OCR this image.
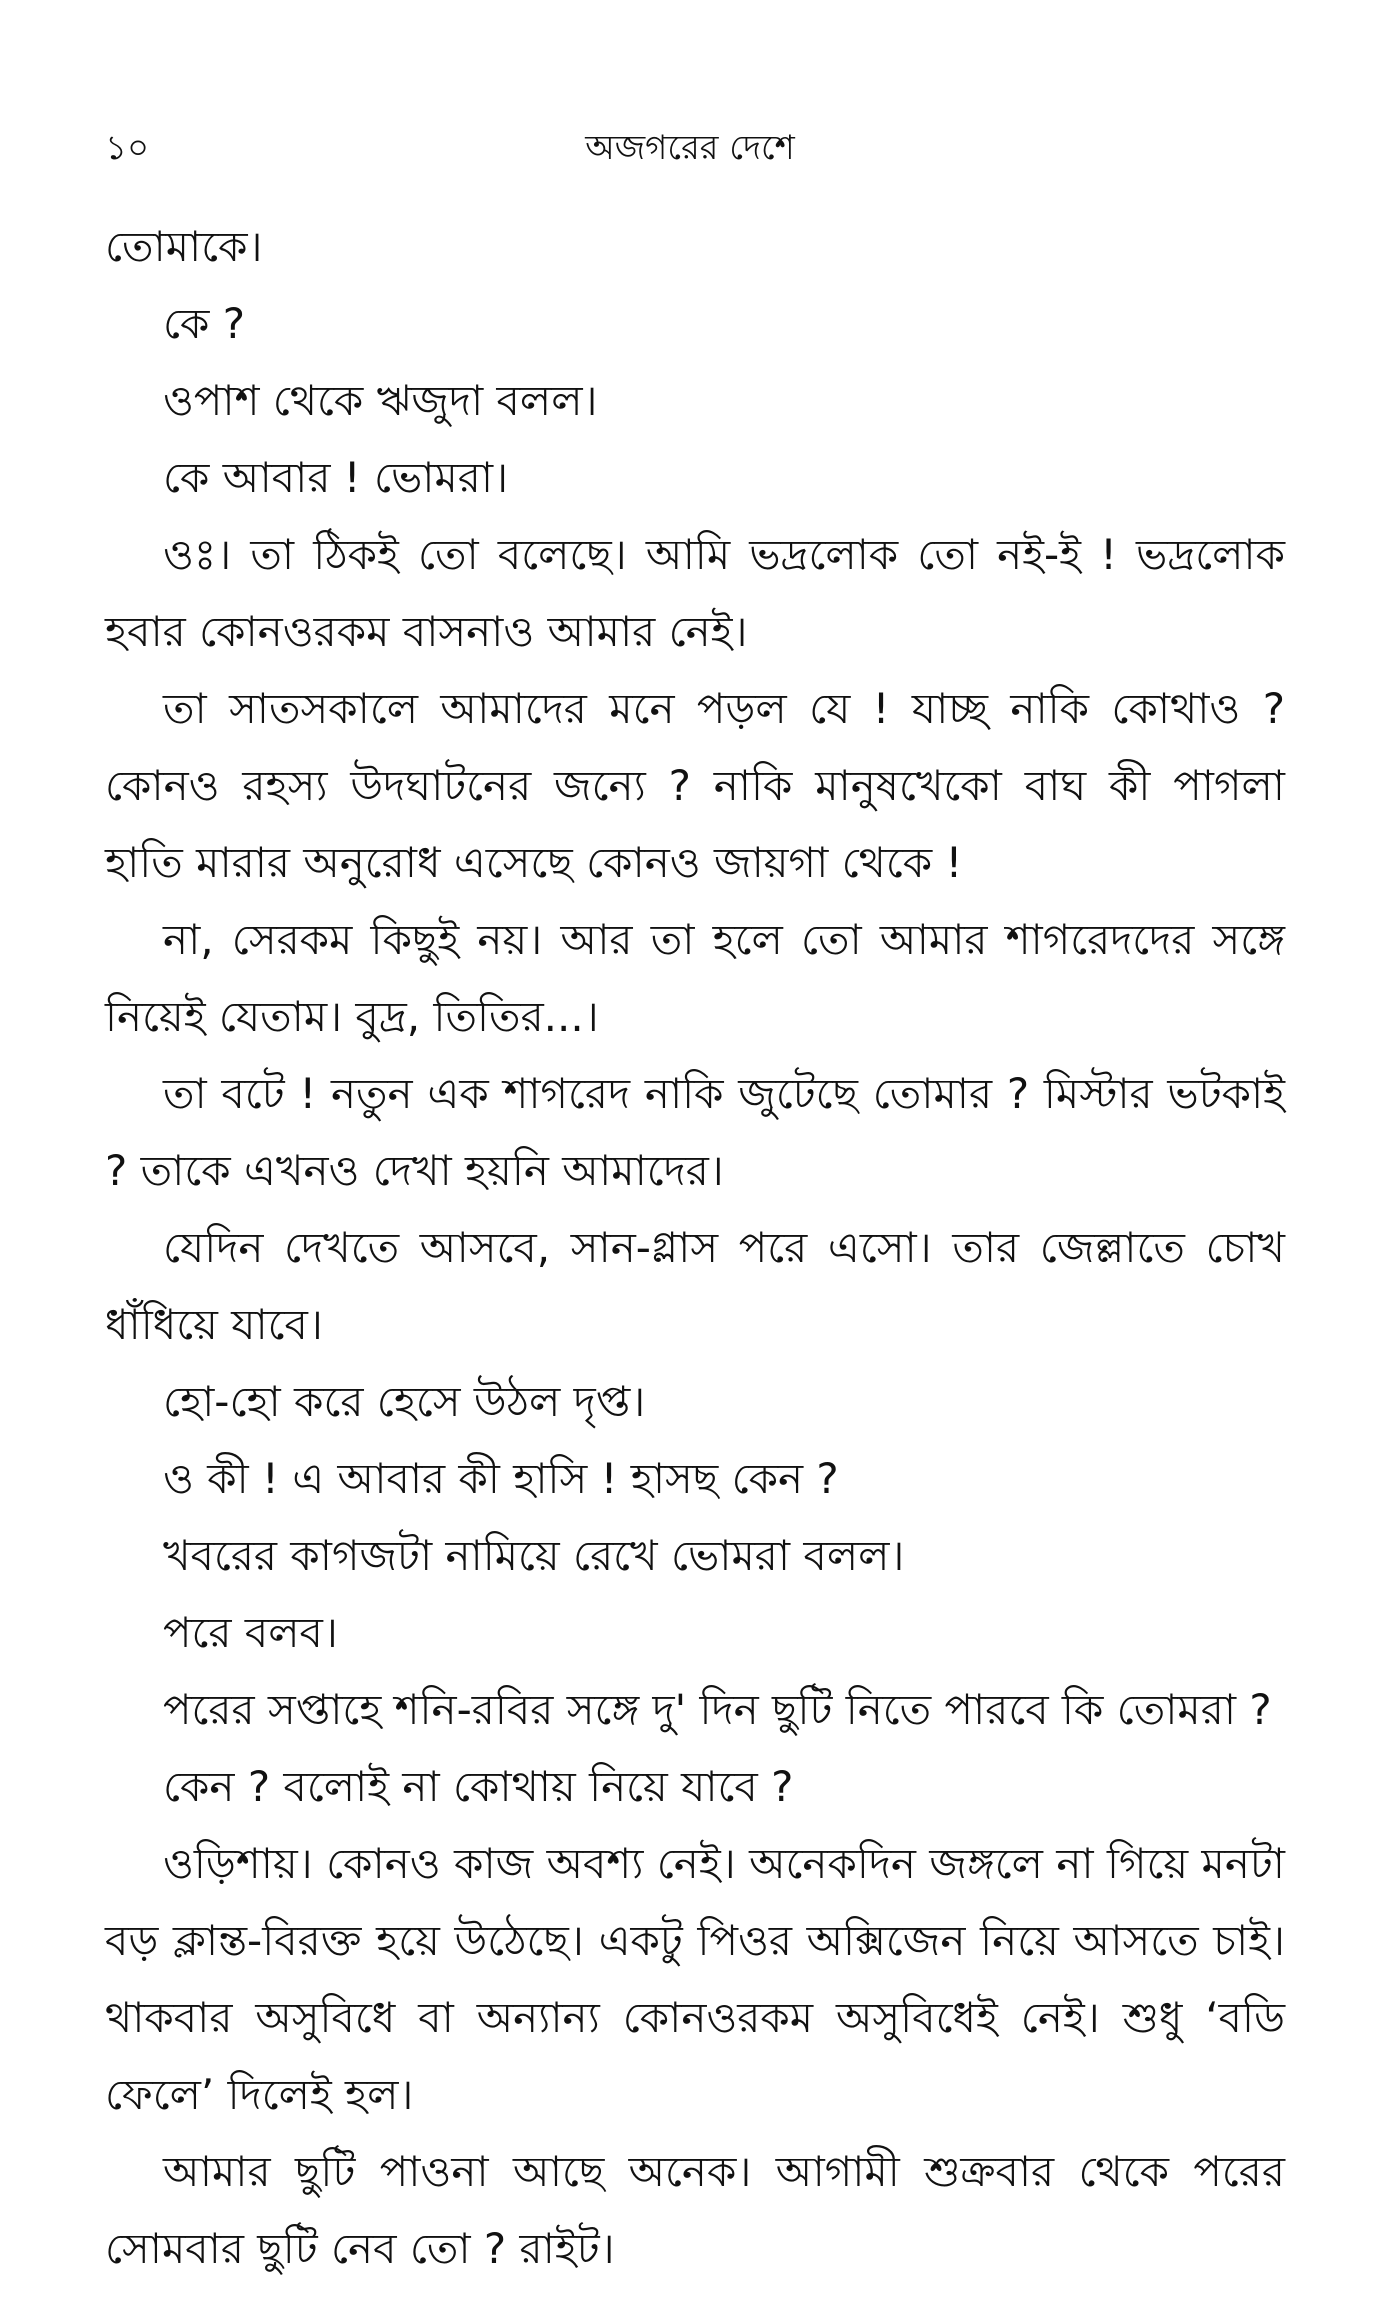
অজগরের দেশে
১০

তোমাকে।

কে ?

ওপাশ থেকে ঋজুদা বলল।

কে আবার ! ভোমরা।

ওঃ। তা ঠিকই তো বলেছে। আমি ভদ্রলোক তো নই-ই ! ভদ্রলোক হবার কোনওরকম বাসনাও আমার নেই।

তা সাতসকালে আমাদের মনে পড়ল যে ! যাচ্ছ নাকি কোথাও ? কোনও রহস্য উদঘাটনের জন্যে ? নাকি মানুষখেকো বাঘ কী পাগলা হাতি মারার অনুরোধ এসেছে কোনও জায়গা থেকে !

না, সেরকম কিছুই নয়। আর তা হলে তো আমার শাগরেদদের সঙ্গে নিয়েই যেতাম। বুদ্র, তিতির...।

তা বটে ! নতুন এক শাগরেদ নাকি জুটেছে তোমার ? মিস্টার ভটকাই ? তাকে এখনও দেখা হয়নি আমাদের।

যেদিন দেখতে আসবে, সান-গ্লাস পরে এসো। তার জেল্লাতে চোখ ধাঁধিয়ে যাবে।

হো-হো করে হেসে উঠল দৃপ্ত।

ও কী ! এ আবার কী হাসি ! হাসছ কেন ?

খবরের কাগজটা নামিয়ে রেখে ভোমরা বলল।

পরে বলব।

পরের সপ্তাহে শনি-রবির সঙ্গে দু' দিন ছুটি নিতে পারবে কি তোমরা ?

কেন ? বলোই না কোথায় নিয়ে যাবে ?

ওড়িশায়। কোনও কাজ অবশ্য নেই। অনেকদিন জঙ্গলে না গিয়ে মনটা বড় ক্লান্ত-বিরক্ত হয়ে উঠেছে। একটু পিওর অক্সিজেন নিয়ে আসতে চাই। থাকবার অসুবিধে বা অন্যান্য কোনওরকম অসুবিধেই নেই। শুধু ‘বডি ফেলে’ দিলেই হল।

আমার ছুটি পাওনা আছে অনেক। আগামী শুক্রবার থেকে পরের সোমবার ছুটি নেব তো ? রাইট।
